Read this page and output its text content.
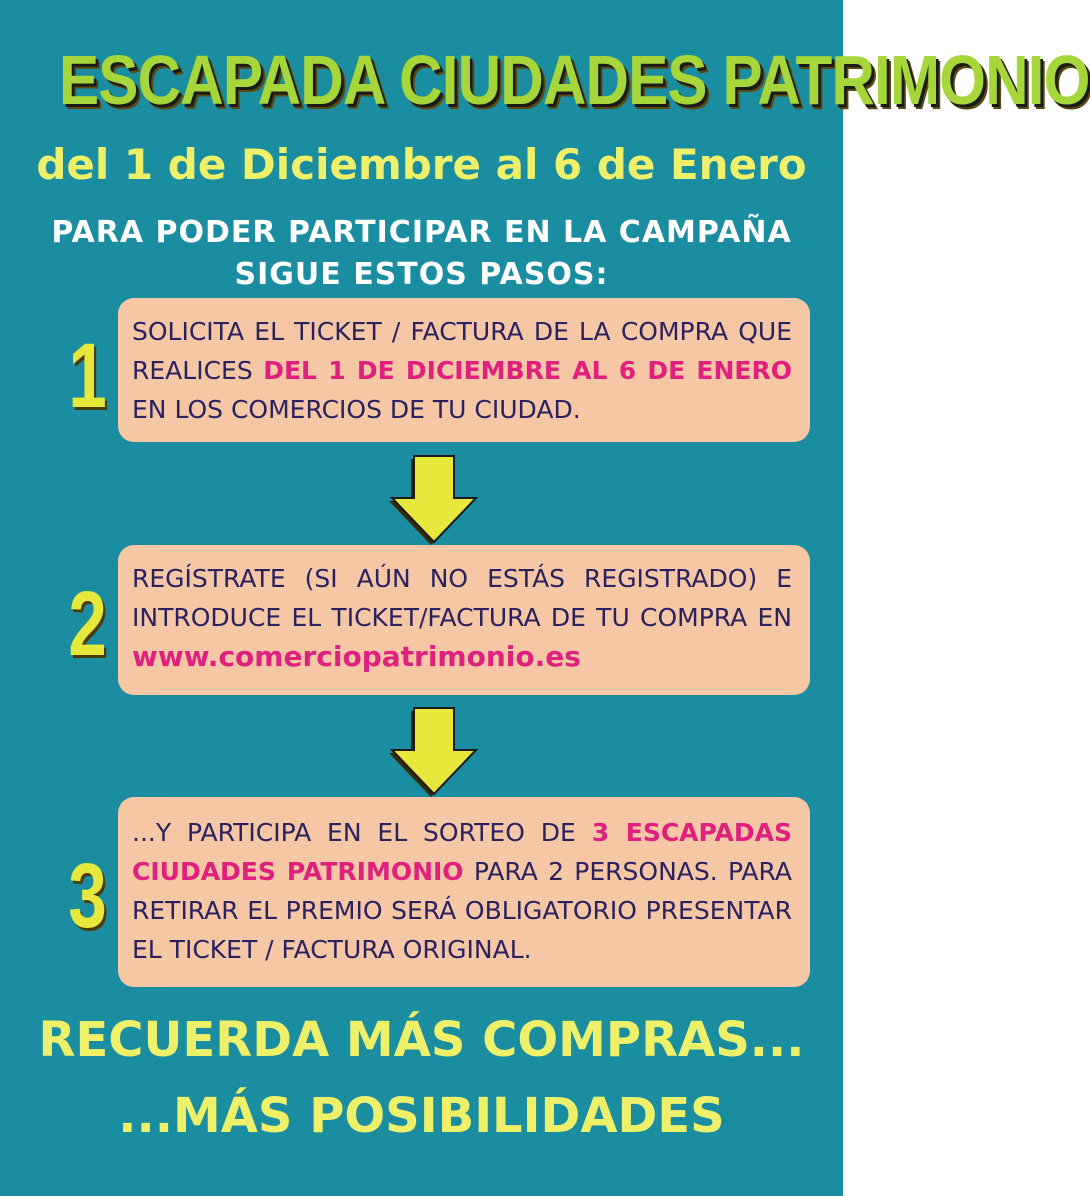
ESCAPADA CIUDADES PATRIMONIO
del 1 de Diciembre al 6 de Enero
PARA PODER PARTICIPAR EN LA CAMPAÑA
SIGUE ESTOS PASOS:
1	SOLICITA EL TICKET / FACTURA DE LA COMPRA QUE REALICES DEL 1 DE DICIEMBRE AL 6 DE ENERO EN LOS COMERCIOS DE TU CIUDAD.
2	REGÍSTRATE (SI AÚN NO ESTÁS REGISTRADO) E INTRODUCE EL TICKET/FACTURA DE TU COMPRA EN www.comerciopatrimonio.es
3
...Y PARTICIPA EN EL SORTEO DE 3 ESCAPADAS CIUDADES PATRIMONIO PARA 2 PERSONAS. PARA RETIRAR EL PREMIO SERÁ OBLIGATORIO PRESENTAR EL TICKET / FACTURA ORIGINAL.
RECUERDA MÁS COMPRAS...
...MÁS POSIBILIDADES
